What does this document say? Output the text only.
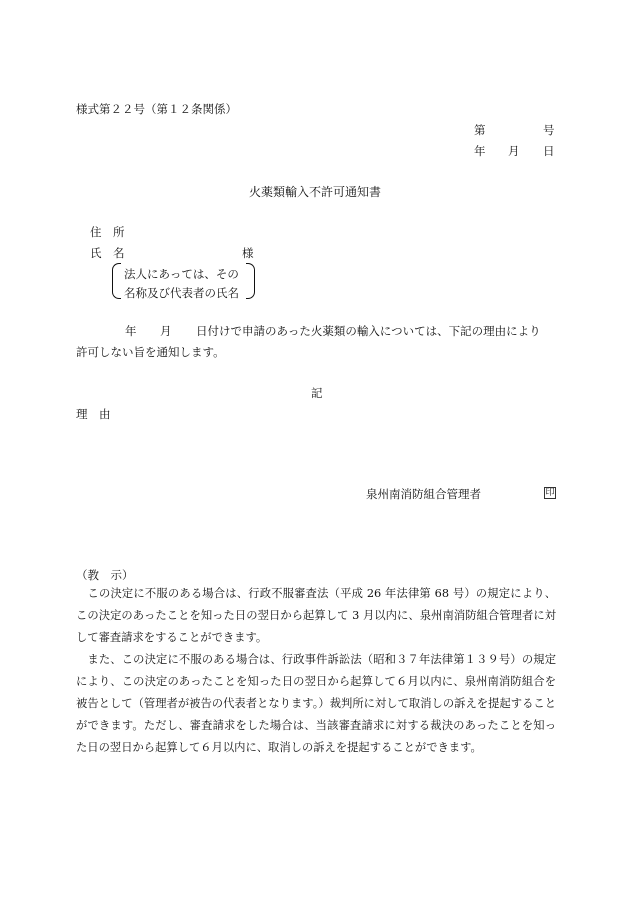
様式第２２号（第１２条関係）
第	号
年 月 日
火薬類輸入不許可通知書
住　所
氏　名	様
法人にあっては、その
名称及び代表者の氏名
年 月 日付けで申請のあった火薬類の輸入については、下記の理由により
許可しない旨を通知します。
記
理　由
泉州南消防組合管理者	印
（教　示）

　この決定に不服のある場合は、行政不服審査法（平成 26 年法律第 68 号）の規定により、この決定のあったことを知った日の翌日から起算して 3 月以内に、泉州南消防組合管理者に対して審査請求をすることができます。

　また、この決定に不服のある場合は、行政事件訴訟法（昭和３７年法律第１３９号）の規定により、この決定のあったことを知った日の翌日から起算して６月以内に、泉州南消防組合を被告として（管理者が被告の代表者となります。）裁判所に対して取消しの訴えを提起することができます。ただし、審査請求をした場合は、当該審査請求に対する裁決のあったことを知った日の翌日から起算して６月以内に、取消しの訴えを提起することができます。
